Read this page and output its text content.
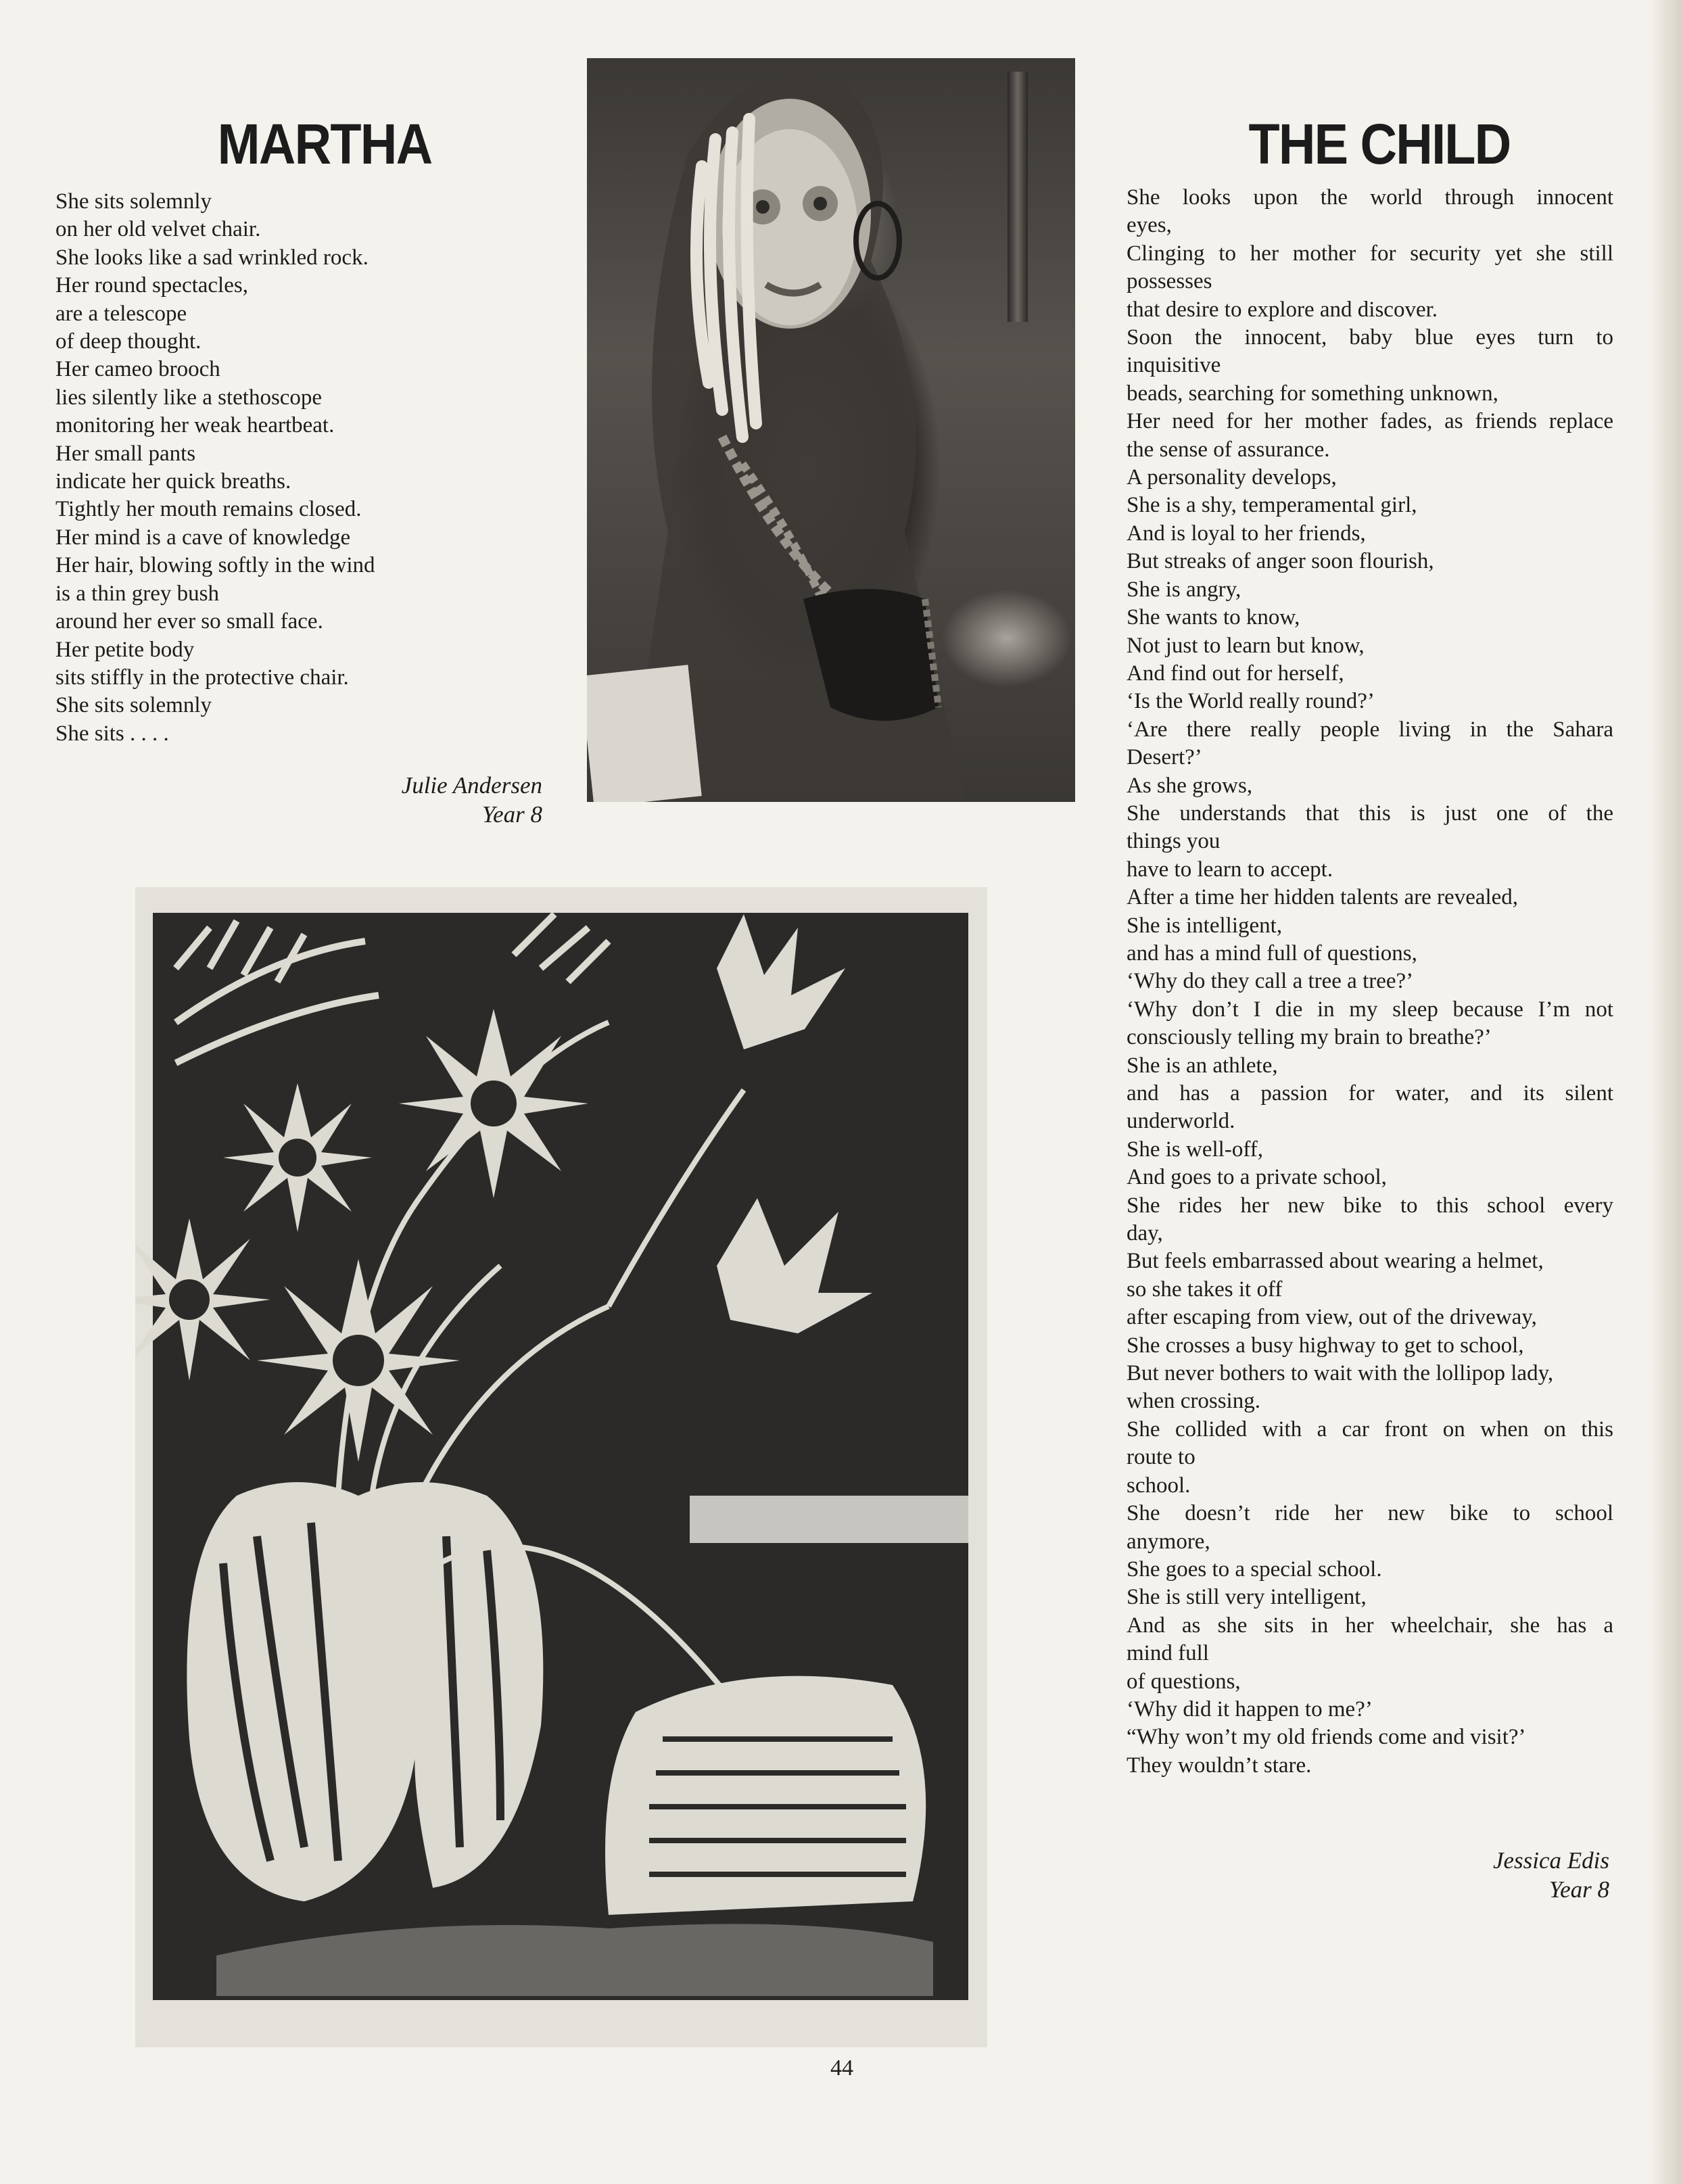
MARTHA
She sits solemnly
on her old velvet chair.
She looks like a sad wrinkled rock.
Her round spectacles,
are a telescope
of deep thought.
Her cameo brooch
lies silently like a stethoscope
monitoring her weak heartbeat.
Her small pants
indicate her quick breaths.
Tightly her mouth remains closed.
Her mind is a cave of knowledge
Her hair, blowing softly in the wind
is a thin grey bush
around her ever so small face.
Her petite body
sits stiffly in the protective chair.
She sits solemnly
She sits . . . .
Julie Andersen
Year 8
She looks upon the world through innocent
eyes,
Clinging to her mother for security yet she still
possesses
that desire to explore and discover.
Soon the innocent, baby blue eyes turn to
inquisitive
beads, searching for something unknown,
Her need for her mother fades, as friends replace
the sense of assurance.
A personality develops,
She is a shy, temperamental girl,
And is loyal to her friends,
But streaks of anger soon flourish,
She is angry,
She wants to know,
Not just to learn but know,
And find out for herself,
‘Is the World really round?’
‘Are there really people living in the Sahara
Desert?’
As she grows,
She understands that this is just one of the
things you
have to learn to accept.
After a time her hidden talents are revealed,
She is intelligent,
and has a mind full of questions,
‘Why do they call a tree a tree?’
‘Why don’t I die in my sleep because I’m not
consciously telling my brain to breathe?’
She is an athlete,
and has a passion for water, and its silent
underworld.
She is well-off,
And goes to a private school,
She rides her new bike to this school every
day,
But feels embarrassed about wearing a helmet,
so she takes it off
after escaping from view, out of the driveway,
She crosses a busy highway to get to school,
But never bothers to wait with the lollipop lady,
when crossing.
She collided with a car front on when on this
route to
school.
She doesn’t ride her new bike to school
anymore,
She goes to a special school.
She is still very intelligent,
And as she sits in her wheelchair, she has a
mind full
of questions,
‘Why did it happen to me?’
“Why won’t my old friends come and visit?’
They wouldn’t stare.
THE CHILD
Jessica Edis
Year 8
44
